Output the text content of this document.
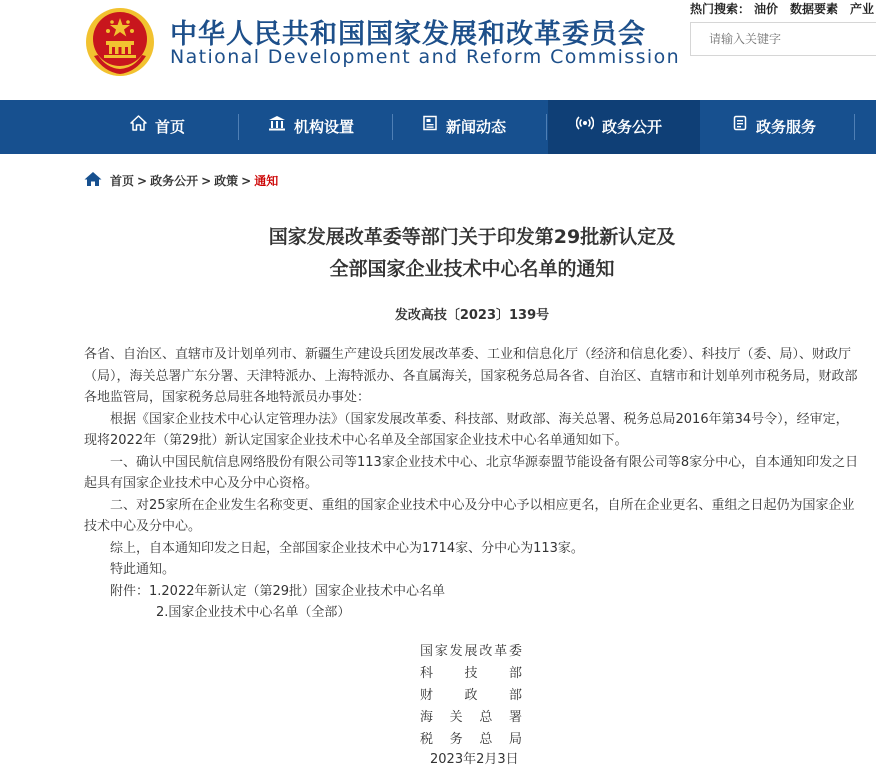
中华人民共和国国家发展和改革委员会
National Development and Reform Commission
热门搜索： 油价 数据要素 产业
请输入关键字
首页	机构设置	新闻动态	政务公开	政务服务
首页 > 政务公开 > 政策 > 通知
国家发展改革委等部门关于印发第29批新认定及
全部国家企业技术中心名单的通知
发改高技〔2023〕139号

各省、自治区、直辖市及计划单列市、新疆生产建设兵团发展改革委、工业和信息化厅（经济和信息化委）、科技厅（委、局）、财政厅（局），海关总署广东分署、天津特派办、上海特派办、各直属海关，国家税务总局各省、自治区、直辖市和计划单列市税务局，财政部各地监管局，国家税务总局驻各地特派员办事处：

根据《国家企业技术中心认定管理办法》（国家发展改革委、科技部、财政部、海关总署、税务总局2016年第34号令），经审定，现将2022年（第29批）新认定国家企业技术中心名单及全部国家企业技术中心名单通知如下。

一、确认中国民航信息网络股份有限公司等113家企业技术中心、北京华源泰盟节能设备有限公司等8家分中心，自本通知印发之日起具有国家企业技术中心及分中心资格。

二、对25家所在企业发生名称变更、重组的国家企业技术中心及分中心予以相应更名，自所在企业更名、重组之日起仍为国家企业技术中心及分中心。

综上，自本通知印发之日起，全部国家企业技术中心为1714家、分中心为113家。

特此通知。

附件：1.2022年新认定（第29批）国家企业技术中心名单

2.国家企业技术中心名单（全部）

国家发展改革委
科技部
财政部
海关总署
税务总局
2023年2月3日
